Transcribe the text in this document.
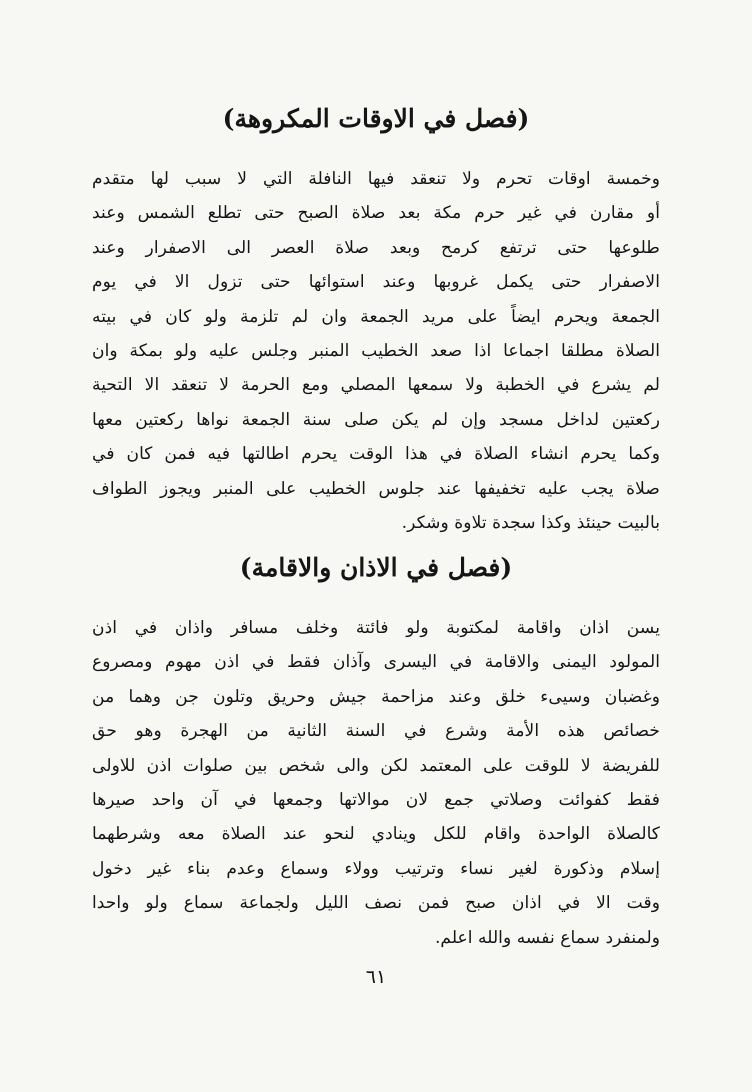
(فصل في الاوقات المكروهة)
وخمسة اوقات تحرم ولا تنعقد فيها النافلة التي لا سبب لها متقدم
أو مقارن في غير حرم مكة بعد صلاة الصبح حتى تطلع الشمس وعند
طلوعها حتى ترتفع كرمح وبعد صلاة العصر الى الاصفرار وعند
الاصفرار حتى يكمل غروبها وعند استوائها حتى تزول الا في يوم
الجمعة ويحرم ايضاً على مريد الجمعة وان لم تلزمة ولو كان في بيته
الصلاة مطلقا اجماعا اذا صعد الخطيب المنبر وجلس عليه ولو بمكة وان
لم يشرع في الخطبة ولا سمعها المصلي ومع الحرمة لا تنعقد الا التحية
ركعتين لداخل مسجد وإن لم يكن صلى سنة الجمعة نواها ركعتين معها
وكما يحرم انشاء الصلاة في هذا الوقت يحرم اطالتها فيه فمن كان في
صلاة يجب عليه تخفيفها عند جلوس الخطيب على المنبر ويجوز الطواف
بالبيت حينئذ وكذا سجدة تلاوة وشكر.
(فصل في الاذان والاقامة)
يسن اذان واقامة لمكتوبة ولو فائتة وخلف مسافر واذان في اذن
المولود اليمنى والاقامة في اليسرى وآذان فقط في اذن مهوم ومصروع
وغضبان وسيىء خلق وعند مزاحمة جيش وحريق وتلون جن وهما من
خصائص هذه الأمة وشرع في السنة الثانية من الهجرة وهو حق
للفريضة لا للوقت على المعتمد لكن والى شخص بين صلوات اذن للاولى
فقط كفوائت وصلاتي جمع لان موالاتها وجمعها في آن واحد صيرها
كالصلاة الواحدة واقام للكل وينادي لنحو عند الصلاة معه وشرطهما
إسلام وذكورة لغير نساء وترتيب وولاء وسماع وعدم بناء غير دخول
وقت الا في اذان صبح فمن نصف الليل ولجماعة سماع ولو واحدا
ولمنفرد سماع نفسه والله اعلم.
٦١
